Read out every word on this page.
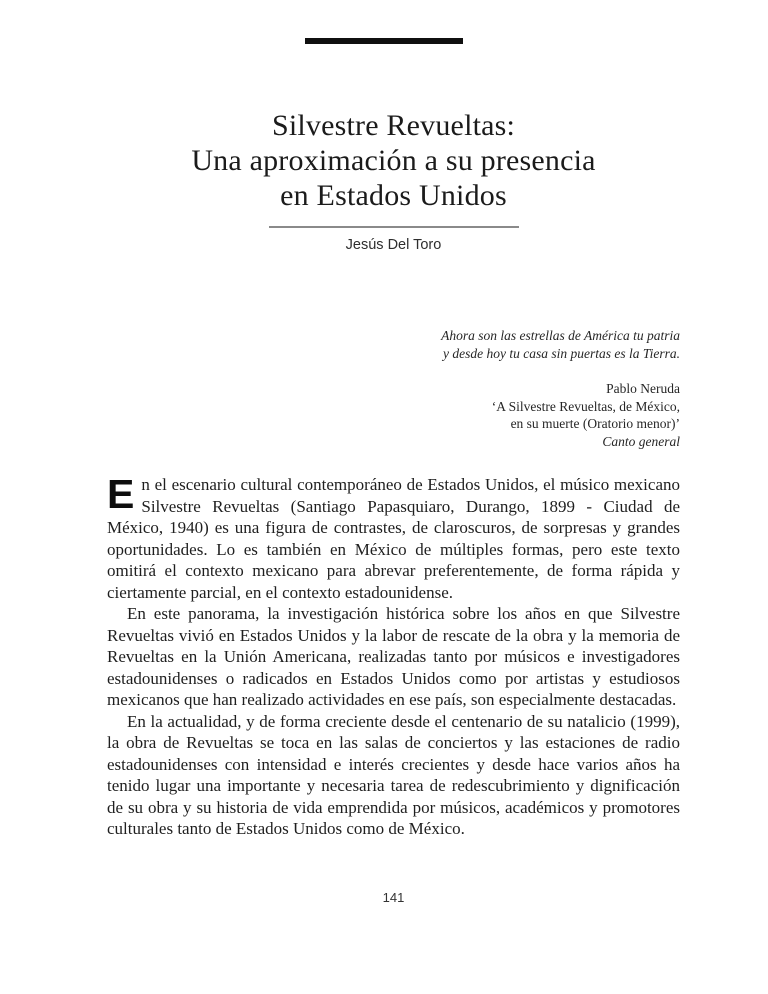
Silvestre Revueltas:
Una aproximación a su presencia
en Estados Unidos
Jesús Del Toro
Ahora son las estrellas de América tu patria
y desde hoy tu casa sin puertas es la Tierra.
Pablo Neruda
‘A Silvestre Revueltas, de México,
en su muerte (Oratorio menor)’
Canto general

En el escenario cultural contemporáneo de Estados Unidos, el músico mexicano Silvestre Revueltas (Santiago Papasquiaro, Durango, 1899 - Ciudad de México, 1940) es una figura de contrastes, de claroscuros, de sorpresas y grandes oportunidades. Lo es también en México de múltiples formas, pero este texto omitirá el contexto mexicano para abrevar preferentemente, de forma rápida y ciertamente parcial, en el contexto estadounidense.

En este panorama, la investigación histórica sobre los años en que Silvestre Revueltas vivió en Estados Unidos y la labor de rescate de la obra y la memoria de Revueltas en la Unión Americana, realizadas tanto por músicos e investigadores estadounidenses o radicados en Estados Unidos como por artistas y estudiosos mexicanos que han realizado actividades en ese país, son especialmente destacadas.

En la actualidad, y de forma creciente desde el centenario de su natalicio (1999), la obra de Revueltas se toca en las salas de conciertos y las estaciones de radio estadounidenses con intensidad e interés crecientes y desde hace varios años ha tenido lugar una importante y necesaria tarea de redescubrimiento y dignificación de su obra y su historia de vida emprendida por músicos, académicos y promotores culturales tanto de Estados Unidos como de México.

141
